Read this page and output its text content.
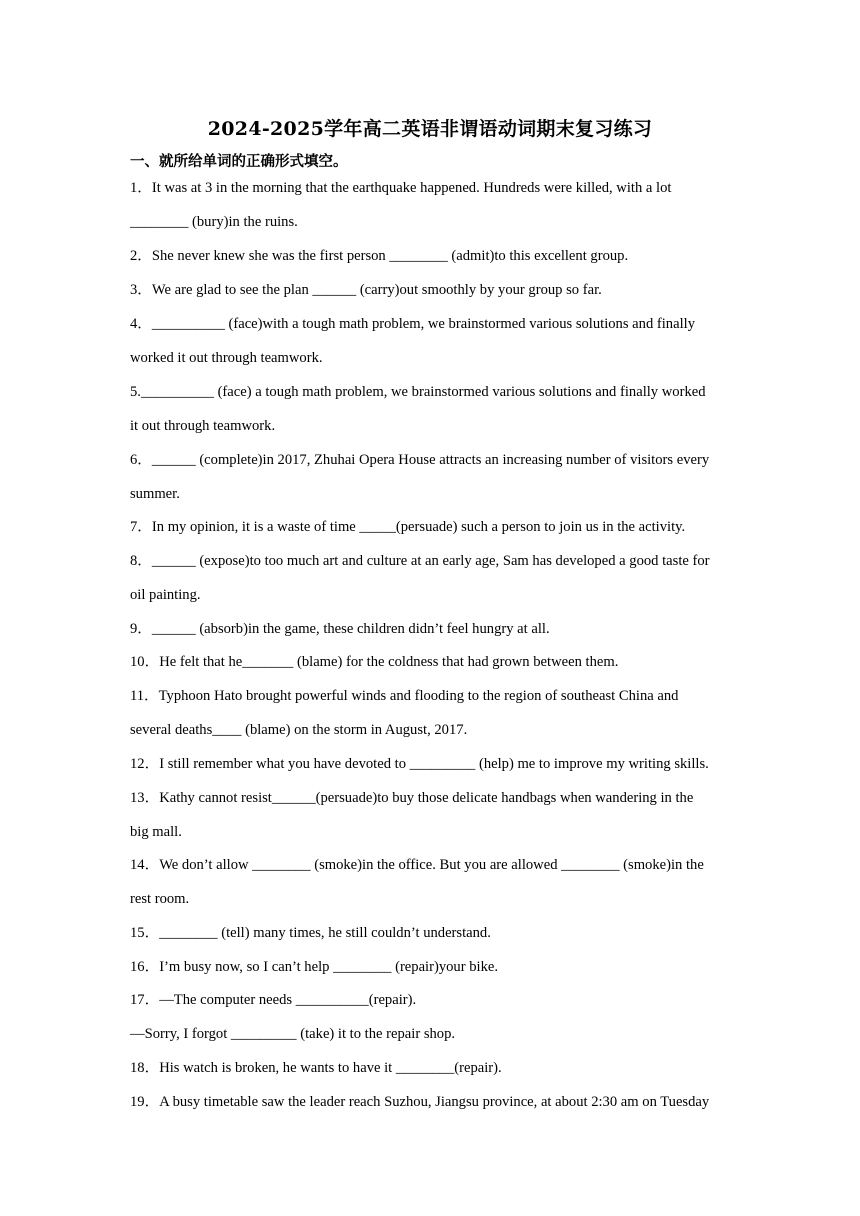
2024-2025学年高二英语非谓语动词期末复习练习
一、就所给单词的正确形式填空。
1．It was at 3 in the morning that the earthquake happened. Hundreds were killed, with a lot
________ (bury)in the ruins.
2．She never knew she was the first person ________ (admit)to this excellent group.
3．We are glad to see the plan ______ (carry)out smoothly by your group so far.
4．__________ (face)with a tough math problem, we brainstormed various solutions and finally
worked it out through teamwork.
5.__________ (face) a tough math problem, we brainstormed various solutions and finally worked
it out through teamwork.
6．______ (complete)in 2017, Zhuhai Opera House attracts an increasing number of visitors every
summer.
7．In my opinion, it is a waste of time _____(persuade) such a person to join us in the activity.
8．______ (expose)to too much art and culture at an early age, Sam has developed a good taste for
oil painting.
9．______ (absorb)in the game, these children didn’t feel hungry at all.
10．He felt that he_______ (blame) for the coldness that had grown between them.
11．Typhoon Hato brought powerful winds and flooding to the region of southeast China and
several deaths____ (blame) on the storm in August, 2017.
12．I still remember what you have devoted to _________ (help) me to improve my writing skills.
13．Kathy cannot resist______(persuade)to buy those delicate handbags when wandering in the
big mall.
14．We don’t allow ________ (smoke)in the office. But you are allowed ________ (smoke)in the
rest room.
15．________ (tell) many times, he still couldn’t understand.
16．I’m busy now, so I can’t help ________ (repair)your bike.
17．—The computer needs __________(repair).
—Sorry, I forgot _________ (take) it to the repair shop.
18．His watch is broken, he wants to have it ________(repair).
19．A busy timetable saw the leader reach Suzhou, Jiangsu province, at about 2:30 am on Tuesday
